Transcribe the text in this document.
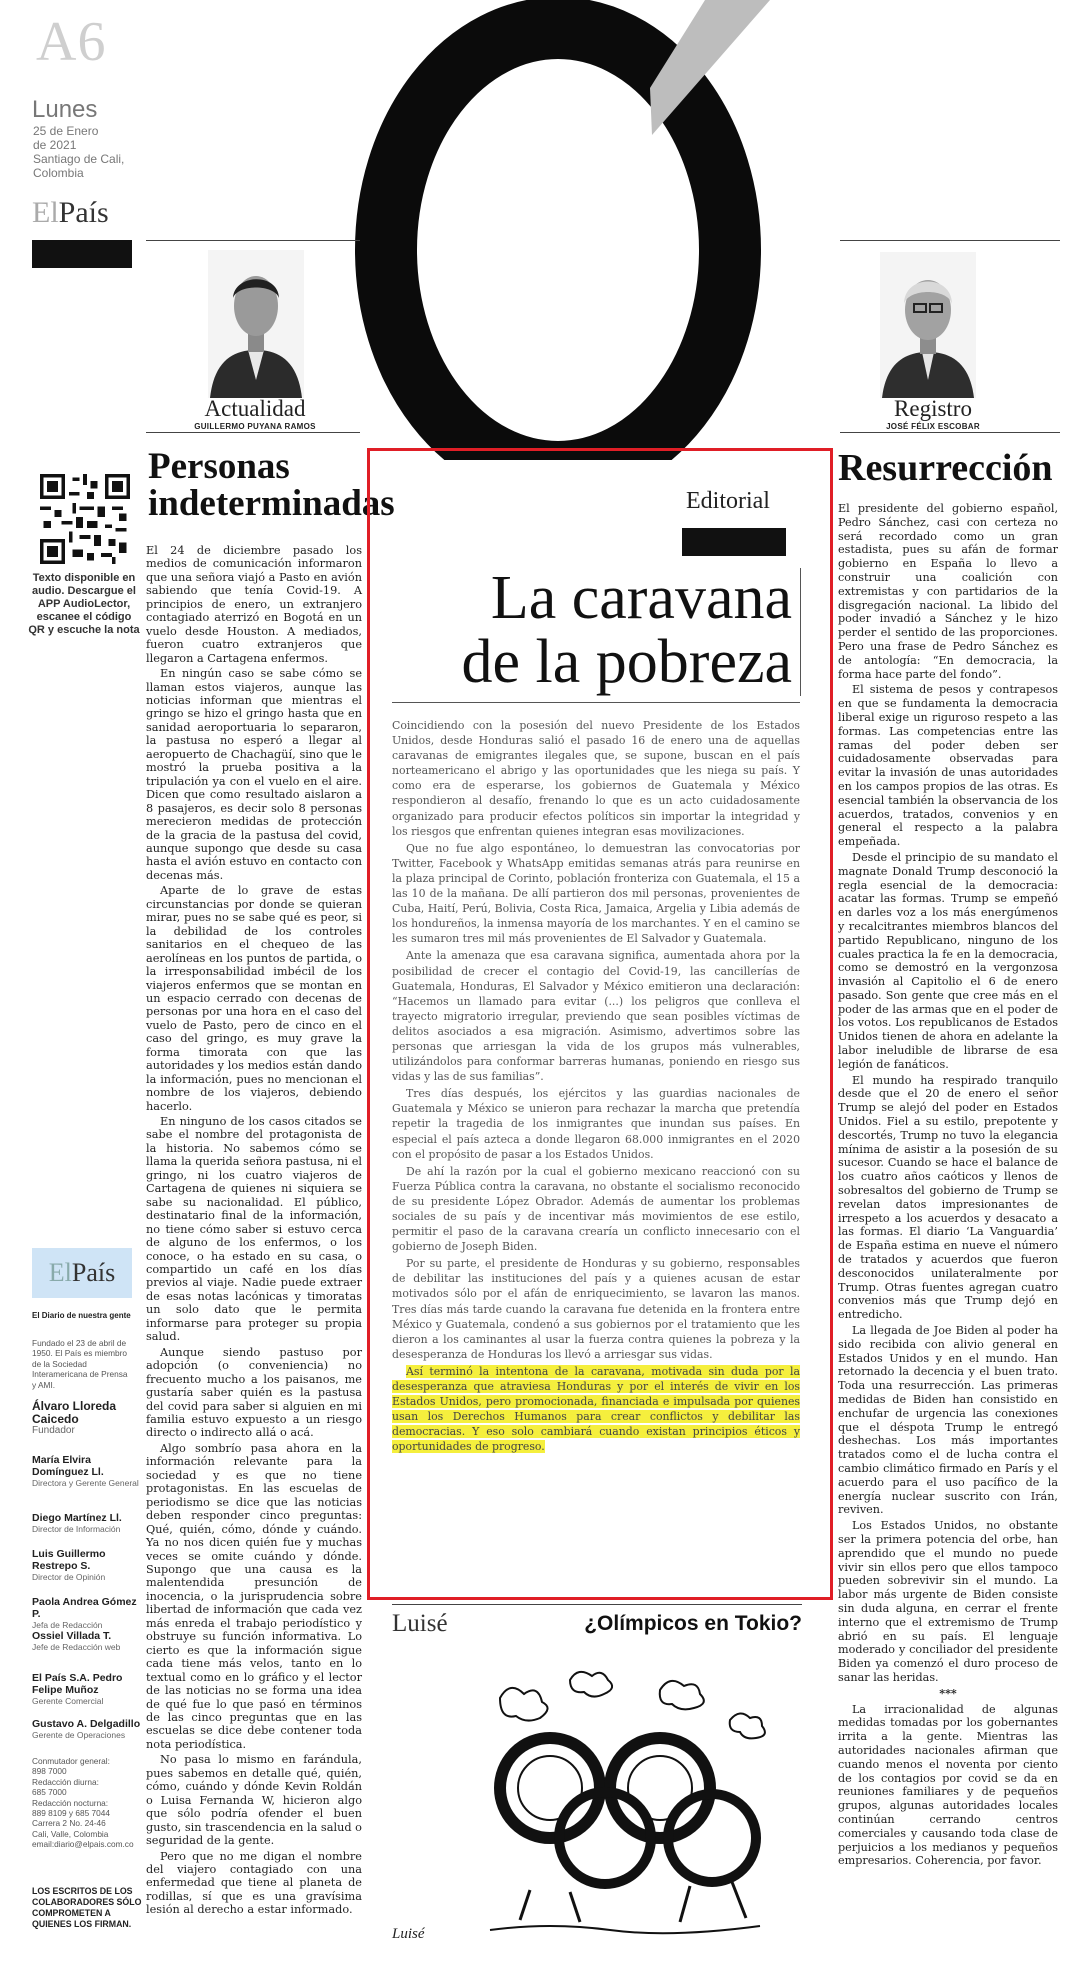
A6
Lunes
25 de Enero
de 2021
Santiago de Cali,
Colombia
ElPaís
Actualidad
GUILLERMO PUYANA RAMOS
Registro
JOSÉ FÉLIX ESCOBAR
Texto disponible en audio. Descargue el APP AudioLector, escanee el código QR y escuche la nota
Personas indeterminadas

El 24 de diciembre pasado los medios de comunicación informaron que una señora viajó a Pasto en avión sabiendo que tenía Covid-19. A principios de enero, un extranjero contagiado aterrizó en Bogotá en un vuelo desde Houston. A mediados, fueron cuatro extranjeros que llegaron a Cartagena enfermos.

En ningún caso se sabe cómo se llaman estos viajeros, aunque las noticias informan que mientras el gringo se hizo el gringo hasta que en sanidad aeroportuaria lo separaron, la pastusa no esperó a llegar al aeropuerto de Chachagüí, sino que le mostró la prueba positiva a la tripulación ya con el vuelo en el aire. Dicen que como resultado aislaron a 8 pasajeros, es decir solo 8 personas merecieron medidas de protección de la gracia de la pastusa del covid, aunque supongo que desde su casa hasta el avión estuvo en contacto con decenas más.

Aparte de lo grave de estas circunstancias por donde se quieran mirar, pues no se sabe qué es peor, si la debilidad de los controles sanitarios en el chequeo de las aerolíneas en los puntos de partida, o la irresponsabilidad imbécil de los viajeros enfermos que se montan en un espacio cerrado con decenas de personas por una hora en el caso del vuelo de Pasto, pero de cinco en el caso del gringo, es muy grave la forma timorata con que las autoridades y los medios están dando la información, pues no mencionan el nombre de los viajeros, debiendo hacerlo.

En ninguno de los casos citados se sabe el nombre del protagonista de la historia. No sabemos cómo se llama la querida señora pastusa, ni el gringo, ni los cuatro viajeros de Cartagena de quienes ni siquiera se sabe su nacionalidad. El público, destinatario final de la información, no tiene cómo saber si estuvo cerca de alguno de los enfermos, o los conoce, o ha estado en su casa, o compartido un café en los días previos al viaje. Nadie puede extraer de esas notas lacónicas y timoratas un solo dato que le permita informarse para proteger su propia salud.

Aunque siendo pastuso por adopción (o conveniencia) no frecuento mucho a los paisanos, me gustaría saber quién es la pastusa del covid para saber si alguien en mi familia estuvo expuesto a un riesgo directo o indirecto allá o acá.

Algo sombrío pasa ahora en la información relevante para la sociedad y es que no tiene protagonistas. En las escuelas de periodismo se dice que las noticias deben responder cinco preguntas: Qué, quién, cómo, dónde y cuándo. Ya no nos dicen quién fue y muchas veces se omite cuándo y dónde. Supongo que una causa es la malentendida presunción de inocencia, o la jurisprudencia sobre libertad de información que cada vez más enreda el trabajo periodístico y obstruye su función informativa. Lo cierto es que la información sigue cada tiene más velos, tanto en lo textual como en lo gráfico y el lector de las noticias no se forma una idea de qué fue lo que pasó en términos de las cinco preguntas que en las escuelas se dice debe contener toda nota periodística.

No pasa lo mismo en farándula, pues sabemos en detalle qué, quién, cómo, cuándo y dónde Kevin Roldán o Luisa Fernanda W, hicieron algo que sólo podría ofender el buen gusto, sin trascendencia en la salud o seguridad de la gente.

Pero que no me digan el nombre del viajero contagiado con una enfermedad que tiene al planeta de rodillas, sí que es una gravísima lesión al derecho a estar informado.

ElPaís
El Diario de nuestra gente
Fundado el 23 de abril de 1950. El País es miembro de la Sociedad Interamericana de Prensa y AMI.
Álvaro Lloreda Caicedo
Fundador
María Elvira Domínguez Ll.
Directora y Gerente General
Diego Martínez Ll.
Director de Información
Luis Guillermo Restrepo S.
Director de Opinión
Paola Andrea Gómez P.
Jefa de Redacción
Ossiel Villada T.
Jefe de Redacción web
El País S.A. Pedro Felipe Muñoz
Gerente Comercial
Gustavo A. Delgadillo
Gerente de Operaciones
Conmutador general:
898 7000
Redacción diurna:
685 7000
Redacción nocturna:
889 8109 y 685 7044
Carrera 2 No. 24-46
Cali, Valle, Colombia
email:diario@elpais.com.co
LOS ESCRITOS DE LOS COLABORADORES SÓLO COMPROMETEN A QUIENES LOS FIRMAN.
Editorial
La caravana
de la pobreza

Coincidiendo con la posesión del nuevo Presidente de los Estados Unidos, desde Honduras salió el pasado 16 de enero una de aquellas caravanas de emigrantes ilegales que, se supone, buscan en el país norteamericano el abrigo y las oportunidades que les niega su país. Y como era de esperarse, los gobiernos de Guatemala y México respondieron al desafío, frenando lo que es un acto cuidadosamente organizado para producir efectos políticos sin importar la integridad y los riesgos que enfrentan quienes integran esas movilizaciones.

Que no fue algo espontáneo, lo demuestran las convocatorias por Twitter, Facebook y WhatsApp emitidas semanas atrás para reunirse en la plaza principal de Corinto, población fronteriza con Guatemala, el 15 a las 10 de la mañana. De allí partieron dos mil personas, provenientes de Cuba, Haití, Perú, Bolivia, Costa Rica, Jamaica, Argelia y Libia además de los hondureños, la inmensa mayoría de los marchantes. Y en el camino se les sumaron tres mil más provenientes de El Salvador y Guatemala.

Ante la amenaza que esa caravana significa, aumentada ahora por la posibilidad de crecer el contagio del Covid-19, las cancillerías de Guatemala, Honduras, El Salvador y México emitieron una declaración: “Hacemos un llamado para evitar (...) los peligros que conlleva el trayecto migratorio irregular, previendo que sean posibles víctimas de delitos asociados a esa migración. Asimismo, advertimos sobre las personas que arriesgan la vida de los grupos más vulnerables, utilizándolos para conformar barreras humanas, poniendo en riesgo sus vidas y las de sus familias”.

Tres días después, los ejércitos y las guardias nacionales de Guatemala y México se unieron para rechazar la marcha que pretendía repetir la tragedia de los inmigrantes que inundan sus países. En especial el país azteca a donde llegaron 68.000 inmigrantes en el 2020 con el propósito de pasar a los Estados Unidos.

De ahí la razón por la cual el gobierno mexicano reaccionó con su Fuerza Pública contra la caravana, no obstante el socialismo reconocido de su presidente López Obrador. Además de aumentar los problemas sociales de su país y de incentivar más movimientos de ese estilo, permitir el paso de la caravana crearía un conflicto innecesario con el gobierno de Joseph Biden.

Por su parte, el presidente de Honduras y su gobierno, responsables de debilitar las instituciones del país y a quienes acusan de estar motivados sólo por el afán de enriquecimiento, se lavaron las manos. Tres días más tarde cuando la caravana fue detenida en la frontera entre México y Guatemala, condenó a sus gobiernos por el tratamiento que les dieron a los caminantes al usar la fuerza contra quienes la pobreza y la desesperanza de Honduras los llevó a arriesgar sus vidas.

Así terminó la intentona de la caravana, motivada sin duda por la desesperanza que atraviesa Honduras y por el interés de vivir en los Estados Unidos, pero promocionada, financiada e impulsada por quienes usan los Derechos Humanos para crear conflictos y debilitar las democracias. Y eso solo cambiará cuando existan principios éticos y oportunidades de progreso.

Luisé	¿Olímpicos en Tokio?
Luisé
Resurrección

El presidente del gobierno español, Pedro Sánchez, casi con certeza no será recordado como un gran estadista, pues su afán de formar gobierno en España lo llevo a construir una coalición con extremistas y con partidarios de la disgregación nacional. La libido del poder invadió a Sánchez y le hizo perder el sentido de las proporciones. Pero una frase de Pedro Sánchez es de antología: “En democracia, la forma hace parte del fondo”.

El sistema de pesos y contrapesos en que se fundamenta la democracia liberal exige un riguroso respeto a las formas. Las competencias entre las ramas del poder deben ser cuidadosamente observadas para evitar la invasión de unas autoridades en los campos propios de las otras. Es esencial también la observancia de los acuerdos, tratados, convenios y en general el respecto a la palabra empeñada.

Desde el principio de su mandato el magnate Donald Trump desconoció la regla esencial de la democracia: acatar las formas. Trump se empeñó en darles voz a los más energúmenos y recalcitrantes miembros blancos del partido Republicano, ninguno de los cuales practica la fe en la democracia, como se demostró en la vergonzosa invasión al Capitolio el 6 de enero pasado. Son gente que cree más en el poder de las armas que en el poder de los votos. Los republicanos de Estados Unidos tienen de ahora en adelante la labor ineludible de librarse de esa legión de fanáticos.

El mundo ha respirado tranquilo desde que el 20 de enero el señor Trump se alejó del poder en Estados Unidos. Fiel a su estilo, prepotente y descortés, Trump no tuvo la elegancia mínima de asistir a la posesión de su sucesor. Cuando se hace el balance de los cuatro años caóticos y llenos de sobresaltos del gobierno de Trump se revelan datos impresionantes de irrespeto a los acuerdos y desacato a las formas. El diario ‘La Vanguardia’ de España estima en nueve el número de tratados y acuerdos que fueron desconocidos unilateralmente por Trump. Otras fuentes agregan cuatro convenios más que Trump dejó en entredicho.

La llegada de Joe Biden al poder ha sido recibida con alivio general en Estados Unidos y en el mundo. Han retornado la decencia y el buen trato. Toda una resurrección. Las primeras medidas de Biden han consistido en enchufar de urgencia las conexiones que el déspota Trump le entregó deshechas. Los más importantes tratados como el de lucha contra el cambio climático firmado en París y el acuerdo para el uso pacífico de la energía nuclear suscrito con Irán, reviven.

Los Estados Unidos, no obstante ser la primera potencia del orbe, han aprendido que el mundo no puede vivir sin ellos pero que ellos tampoco pueden sobrevivir sin el mundo. La labor más urgente de Biden consiste sin duda alguna, en cerrar el frente interno que el extremismo de Trump abrió en su país. El lenguaje moderado y conciliador del presidente Biden ya comenzó el duro proceso de sanar las heridas.

***

La irracionalidad de algunas medidas tomadas por los gobernantes irrita a la gente. Mientras las autoridades nacionales afirman que cuando menos el noventa por ciento de los contagios por covid se da en reuniones familiares y de pequeños grupos, algunas autoridades locales continúan cerrando centros comerciales y causando toda clase de perjuicios a los medianos y pequeños empresarios. Coherencia, por favor.
